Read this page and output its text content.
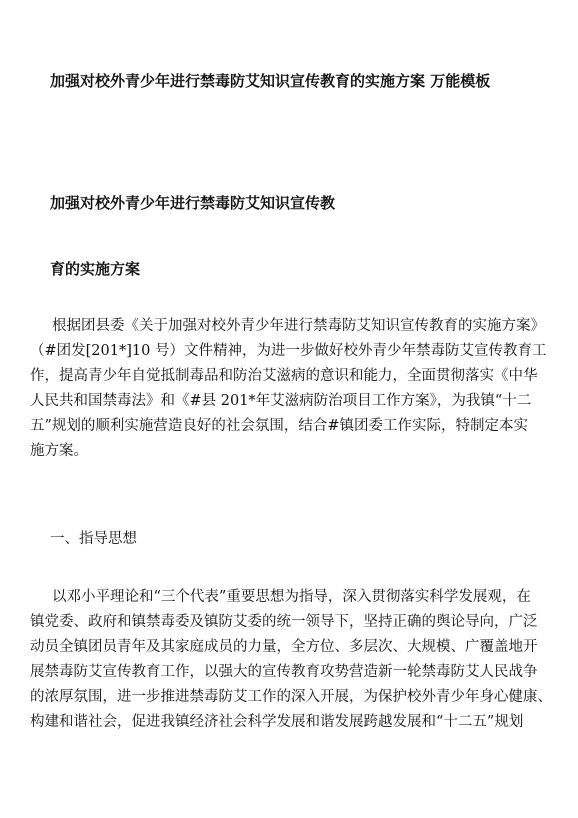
加强对校外青少年进行禁毒防艾知识宣传教育的实施方案 万能模板
加强对校外青少年进行禁毒防艾知识宣传教
育的实施方案
根据团县委《关于加强对校外青少年进行禁毒防艾知识宣传教育的实施方案》
（#团发[201*]10 号）文件精神，为进一步做好校外青少年禁毒防艾宣传教育工
作，提高青少年自觉抵制毒品和防治艾滋病的意识和能力，全面贯彻落实《中华
人民共和国禁毒法》和《#县 201*年艾滋病防治项目工作方案》，为我镇“十二
五”规划的顺利实施营造良好的社会氛围，结合#镇团委工作实际，特制定本实
施方案。
一、指导思想
以邓小平理论和“三个代表”重要思想为指导，深入贯彻落实科学发展观，在
镇党委、政府和镇禁毒委及镇防艾委的统一领导下，坚持正确的舆论导向，广泛
动员全镇团员青年及其家庭成员的力量，全方位、多层次、大规模、广覆盖地开
展禁毒防艾宣传教育工作，以强大的宣传教育攻势营造新一轮禁毒防艾人民战争
的浓厚氛围，进一步推进禁毒防艾工作的深入开展，为保护校外青少年身心健康、
构建和谐社会，促进我镇经济社会科学发展和谐发展跨越发展和“十二五”规划
